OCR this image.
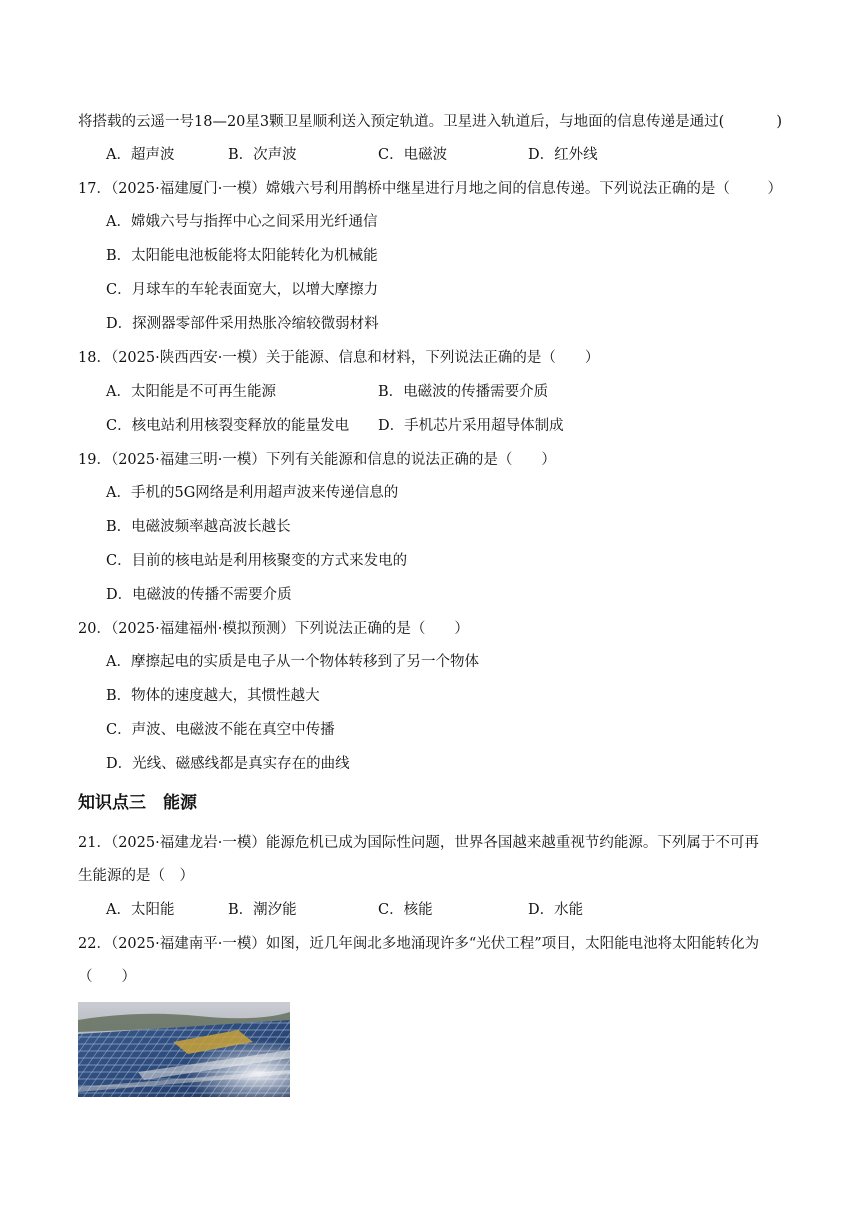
将搭载的云遥一号18—20星3颗卫星顺利送入预定轨道。卫星进入轨道后，与地面的信息传递是通过(	)
A．超声波	B．次声波	C．电磁波	D．红外线
17．（2025·福建厦门·一模）嫦娥六号利用鹊桥中继星进行月地之间的信息传递。下列说法正确的是（	）
A．嫦娥六号与指挥中心之间采用光纤通信
B．太阳能电池板能将太阳能转化为机械能
C．月球车的车轮表面宽大，以增大摩擦力
D．探测器零部件采用热胀冷缩较微弱材料
18．（2025·陕西西安·一模）关于能源、信息和材料，下列说法正确的是（　　）
A．太阳能是不可再生能源	B．电磁波的传播需要介质
C．核电站利用核裂变释放的能量发电 D．手机芯片采用超导体制成
19．（2025·福建三明·一模）下列有关能源和信息的说法正确的是（　　）
A．手机的5G网络是利用超声波来传递信息的
B．电磁波频率越高波长越长
C．目前的核电站是利用核聚变的方式来发电的
D．电磁波的传播不需要介质
20．（2025·福建福州·模拟预测）下列说法正确的是（　　）
A．摩擦起电的实质是电子从一个物体转移到了另一个物体
B．物体的速度越大，其惯性越大
C．声波、电磁波不能在真空中传播
D．光线、磁感线都是真实存在的曲线
知识点三　能源
21．（2025·福建龙岩·一模）能源危机已成为国际性问题，世界各国越来越重视节约能源。下列属于不可再
生能源的是（　）
A．太阳能	B．潮汐能	C．核能	D．水能
22．（2025·福建南平·一模）如图，近几年闽北多地涌现许多“光伏工程”项目，太阳能电池将太阳能转化为
（　　）
